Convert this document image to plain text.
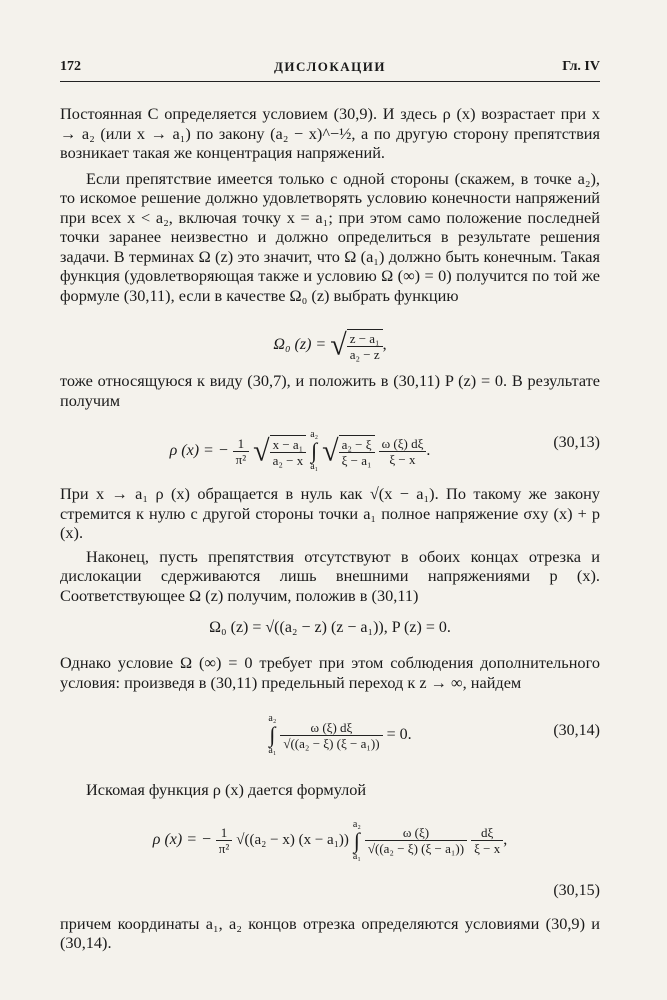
172	ДИСЛОКАЦИИ	Гл. IV

Постоянная C определяется условием (30,9). И здесь ρ (x) возрастает при x → a₂ (или x → a₁) по закону (a₂ − x)^−½, а по другую сторону препятствия возникает такая же концентрация напряжений.

Если препятствие имеется только с одной стороны (скажем, в точке a₂), то искомое решение должно удовлетворять условию конечности напряжений при всех x < a₂, включая точку x = a₁; при этом само положение последней точки заранее неизвестно и должно определиться в результате решения задачи. В терминах Ω (z) это значит, что Ω (a₁) должно быть конечным. Такая функция (удовлетворяющая также и условию Ω (∞) = 0) получится по той же формуле (30,11), если в качестве Ω₀ (z) выбрать функцию

Ω₀ (z) = √ $\frac{\text{z − a₁}}{\text{a₂ − z}}$ ,

тоже относящуюся к виду (30,7), и положить в (30,11) P (z) = 0. В результате получим

ρ (x) = − $\frac{1}{\text{π²}}$ √ $\frac{\text{x − a₁}}{\text{a₂ − x}}$
a₂
∫
a₁ √ $\frac{\text{a₂ − ξ}}{\text{ξ − a₁}}$
$\frac{\omega (\xi) d\xi}{\xi - x}$ .	(30,13)

При x → a₁ ρ (x) обращается в нуль как √(x − a₁). По такому же закону стремится к нулю с другой стороны точки a₁ полное напряжение σxy (x) + p (x).

Наконец, пусть препятствия отсутствуют в обоих концах отрезка и дислокации сдерживаются лишь внешними напряжениями p (x). Соответствующее Ω (z) получим, положив в (30,11)

Ω₀ (z) = √((a₂ − z) (z − a₁)), P (z) = 0.

Однако условие Ω (∞) = 0 требует при этом соблюдения дополнительного условия: произведя в (30,11) предельный переход к z → ∞, найдем

a₂
∫
$a_1 \frac{\omega (\xi) d\xi}{\text{√((a₂ − ξ) (ξ − a₁))}} = 0$.	(30,14)

Искомая функция ρ (x) дается формулой

ρ (x) = − $\frac{1}{\text{π²}} √((a_2 - x) (x - a_1))$ a₂
∫
$a_1 \frac{\omega (\xi)}{\text{√((a₂ − ξ) (ξ − a₁))}}$
$\frac{d\xi}{\xi - x}$ ,
(30,15)

причем координаты a₁, a₂ концов отрезка определяются условиями (30,9) и (30,14).
